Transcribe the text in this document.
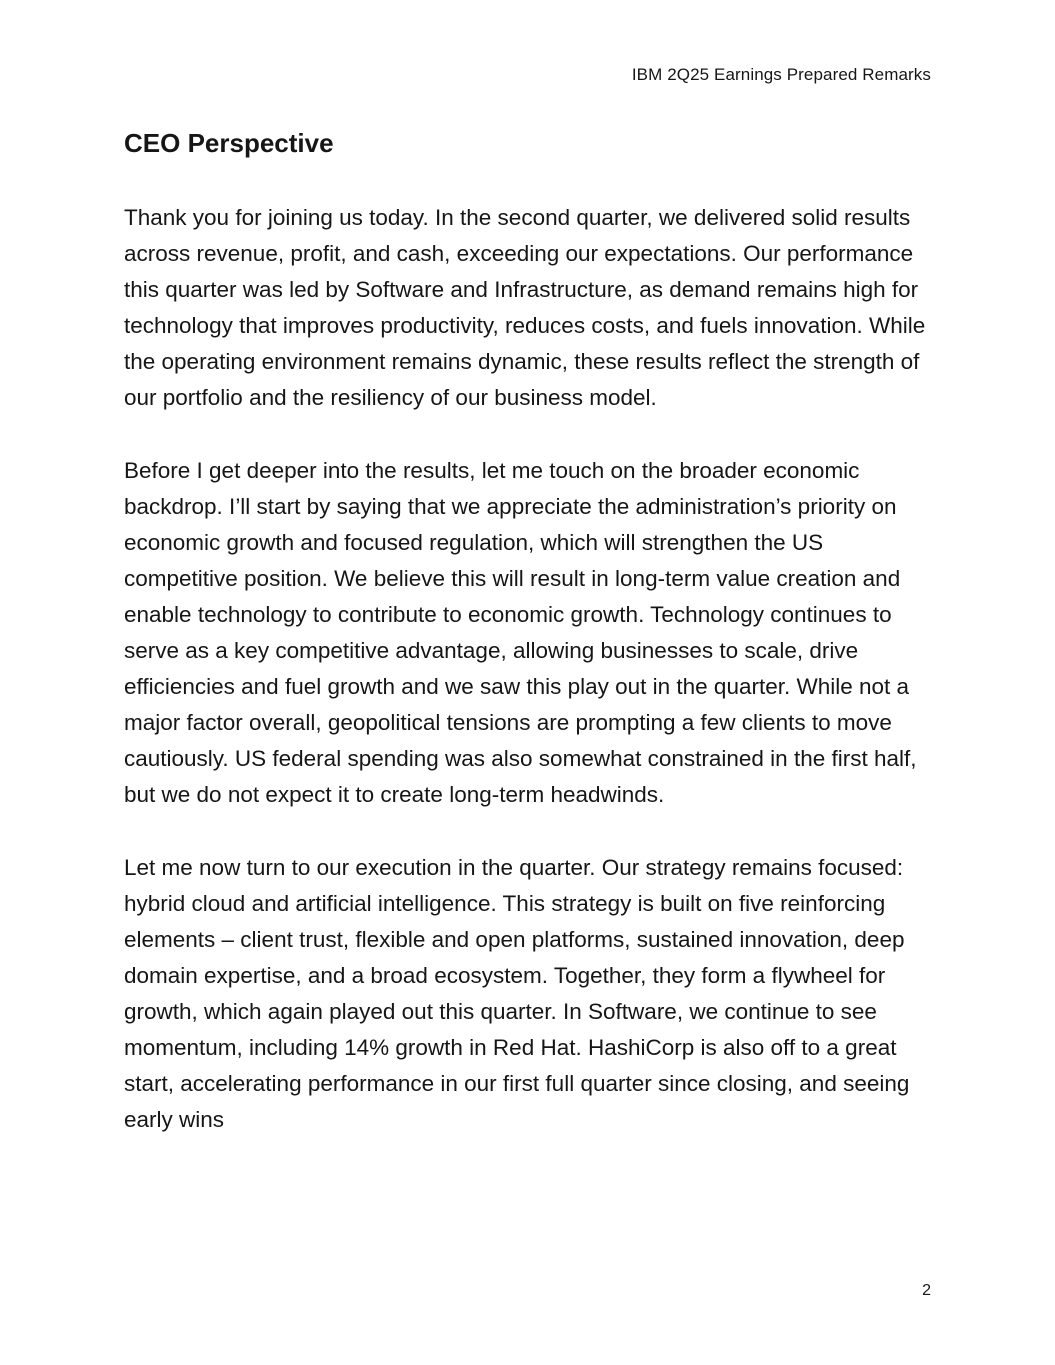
IBM 2Q25 Earnings Prepared Remarks
CEO Perspective

Thank you for joining us today. In the second quarter, we delivered solid results across revenue, profit, and cash, exceeding our expectations. Our performance this quarter was led by Software and Infrastructure, as demand remains high for technology that improves productivity, reduces costs, and fuels innovation. While the operating environment remains dynamic, these results reflect the strength of our portfolio and the resiliency of our business model.

Before I get deeper into the results, let me touch on the broader economic backdrop. I’ll start by saying that we appreciate the administration’s priority on economic growth and focused regulation, which will strengthen the US competitive position. We believe this will result in long-term value creation and enable technology to contribute to economic growth. Technology continues to serve as a key competitive advantage, allowing businesses to scale, drive efficiencies and fuel growth and we saw this play out in the quarter. While not a major factor overall, geopolitical tensions are prompting a few clients to move cautiously. US federal spending was also somewhat constrained in the first half, but we do not expect it to create long-term headwinds.

Let me now turn to our execution in the quarter. Our strategy remains focused: hybrid cloud and artificial intelligence. This strategy is built on five reinforcing elements – client trust, flexible and open platforms, sustained innovation, deep domain expertise, and a broad ecosystem. Together, they form a flywheel for growth, which again played out this quarter. In Software, we continue to see momentum, including 14% growth in Red Hat. HashiCorp is also off to a great start, accelerating performance in our first full quarter since closing, and seeing early wins

2
